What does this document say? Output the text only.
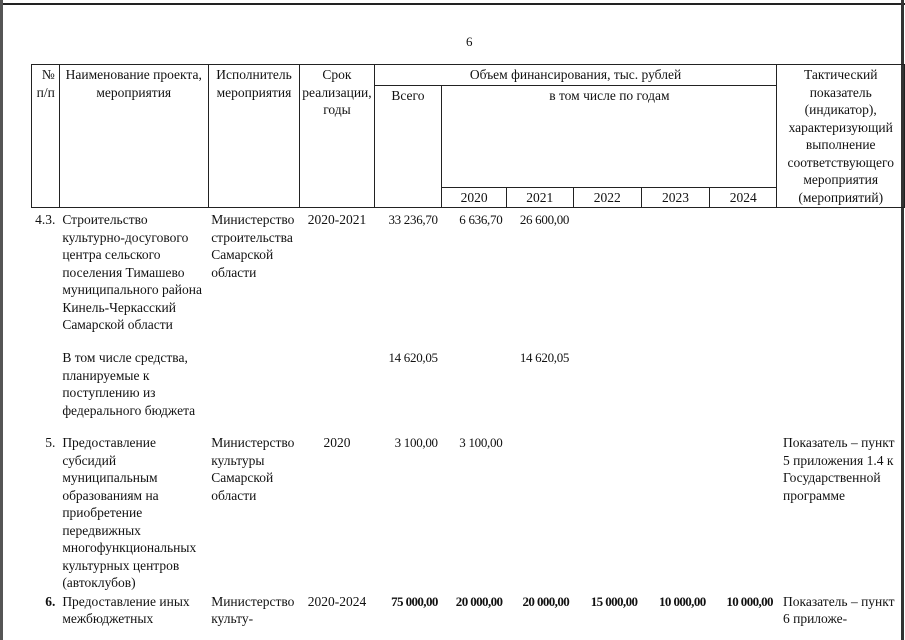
6
№ п/п	Наименование проекта, мероприятия	Исполнитель мероприятия	Срок реализации, годы	Объем финансирования, тыс. рублей						Тактический показатель (индикатор), характеризующий выполнение соответствующего мероприятия (мероприятий)
				Всего	в том числе по годам					
					2020	2021	2022	2023	2024	
4.3.	Строительство культурно-досугового центра сельского поселения Тимашево муниципального района Кинель-Черкасский Самарской области	Министерство строительства Самарской области	2020-2021	33 236,70	6 636,70	26 600,00				
	В том числе средства, планируемые к поступлению из федерального бюджета			14 620,05		14 620,05				
5.	Предоставление субсидий муниципальным образованиям на приобретение передвижных многофункциональных культурных центров (автоклубов)	Министерство культуры Самарской области	2020	3 100,00	3 100,00					Показатель – пункт 5 приложения 1.4 к Государственной программе
6.	Предоставление иных межбюджетных	Министерство культу-	2020-2024	75 000,00	20 000,00	20 000,00	15 000,00	10 000,00	10 000,00	Показатель – пункт 6 приложе-
